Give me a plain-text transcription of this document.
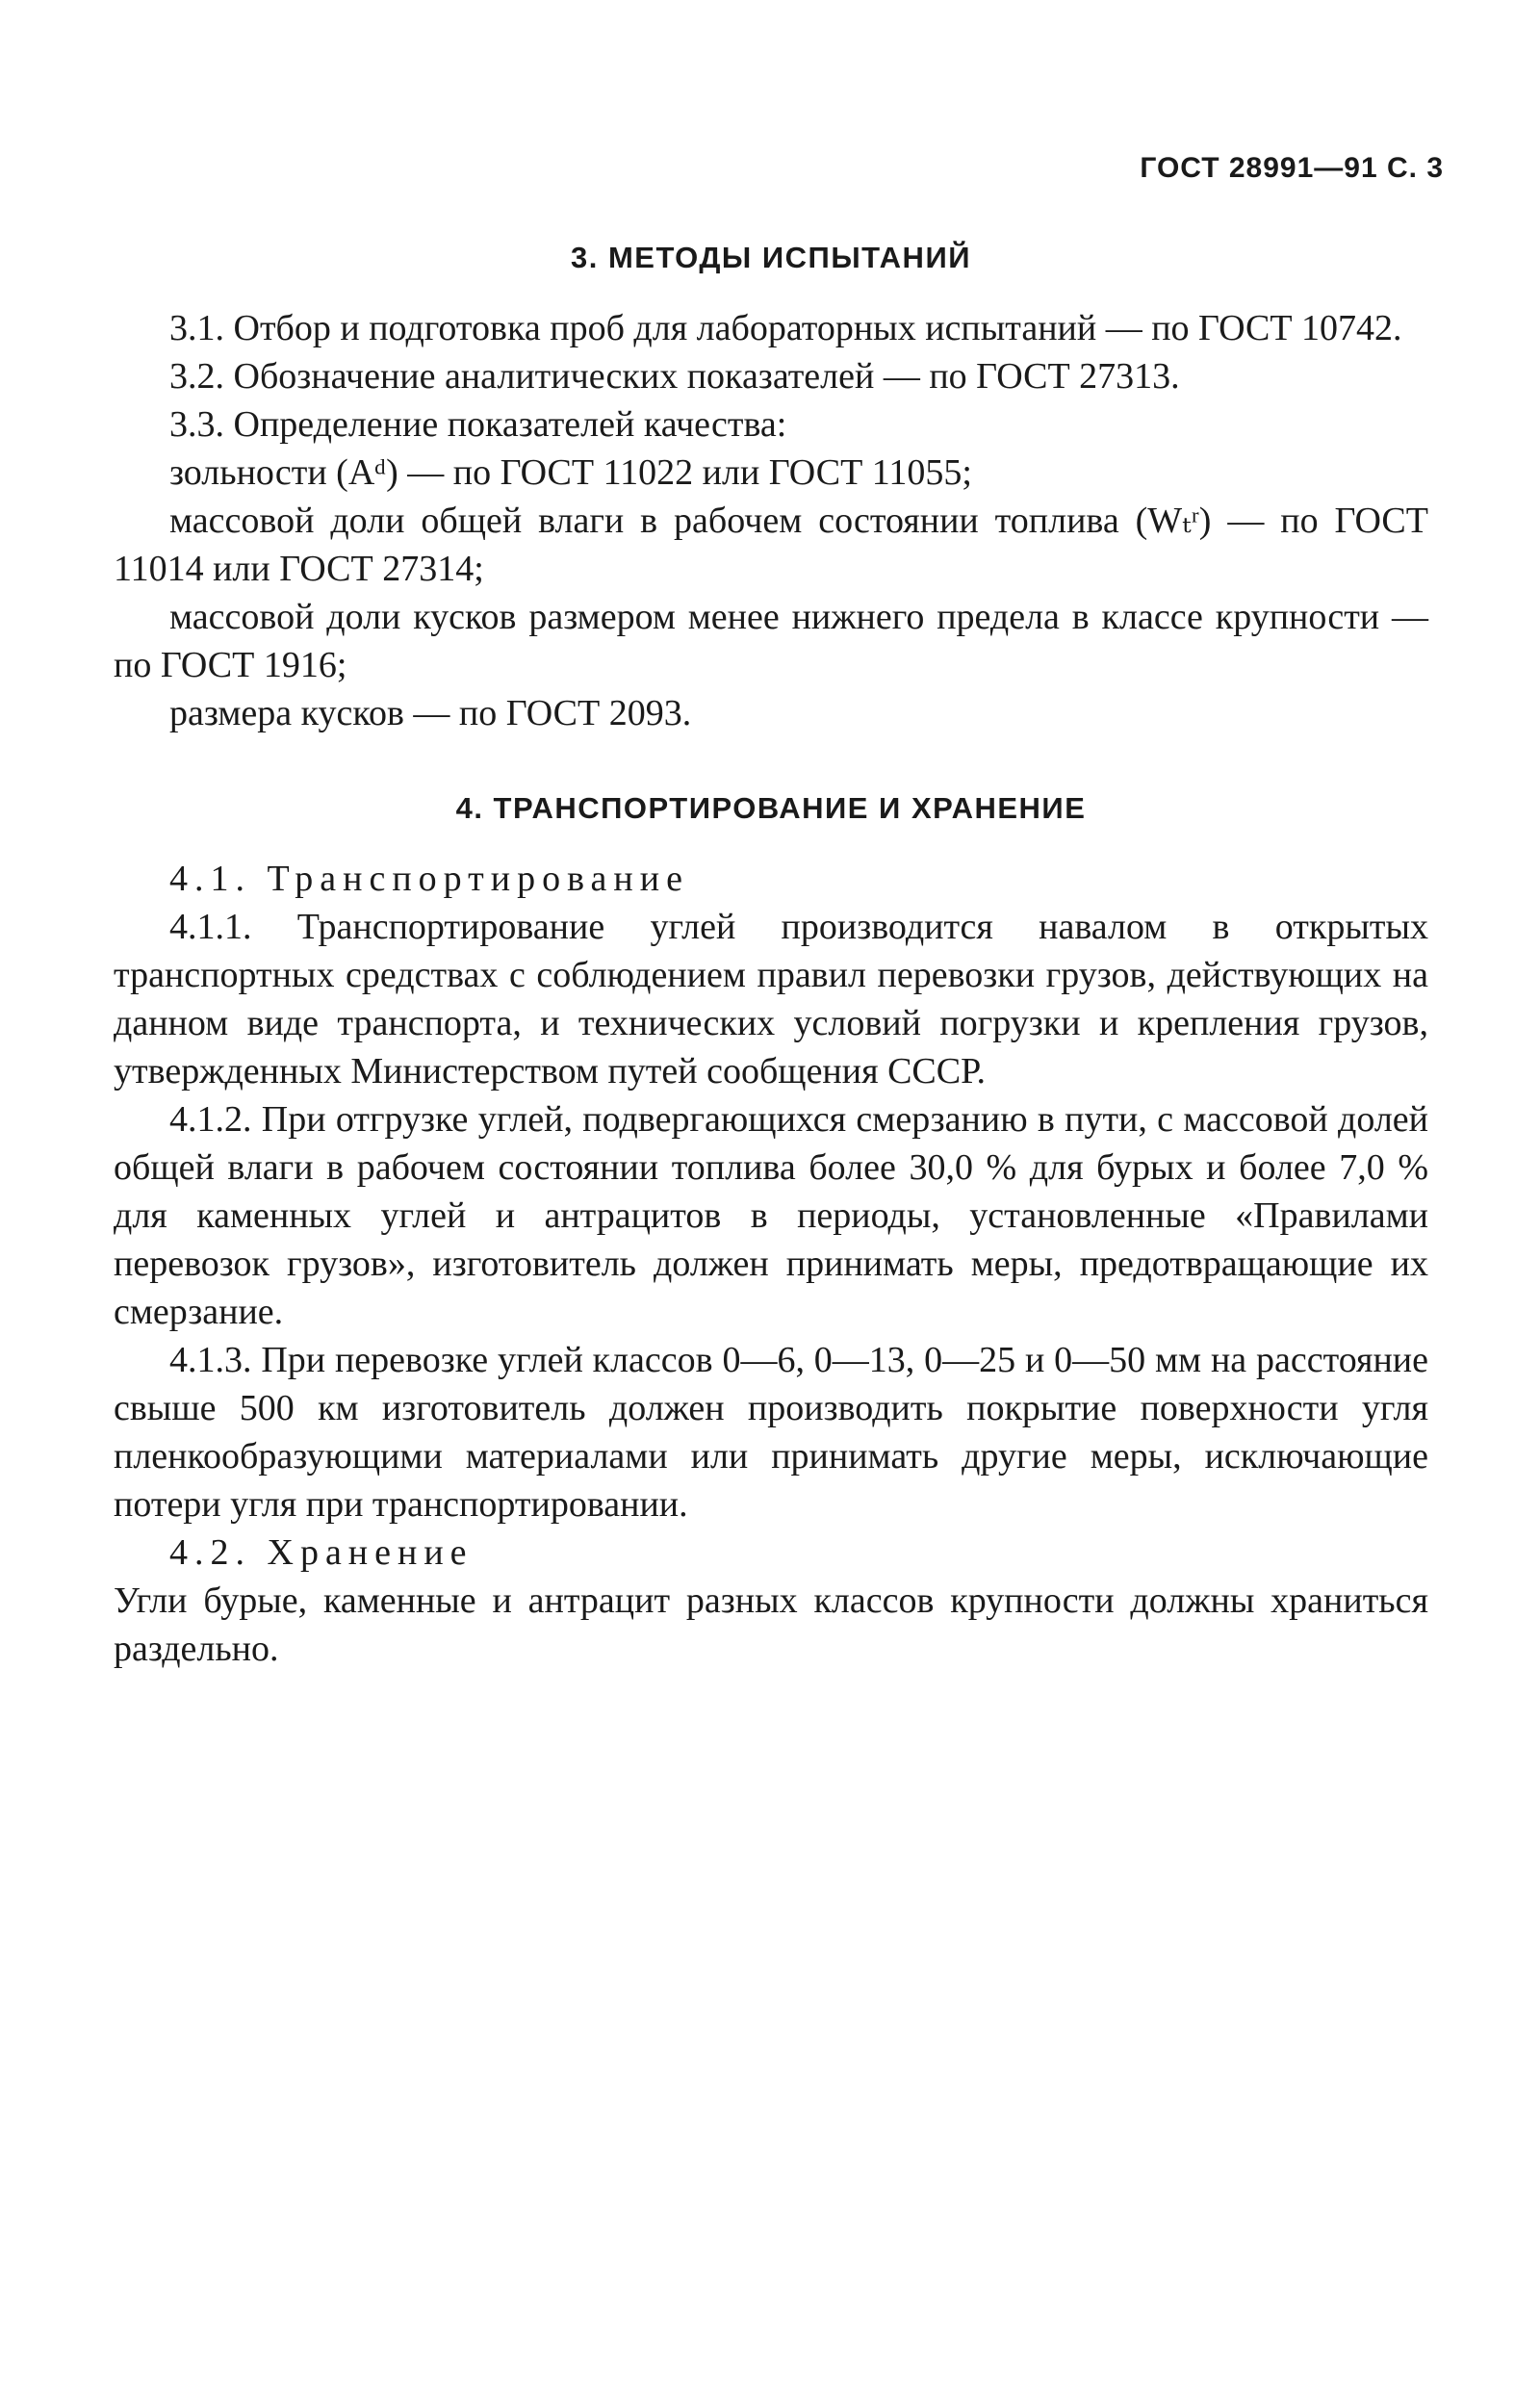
ГОСТ 28991—91 С. 3
3. МЕТОДЫ ИСПЫТАНИЙ

3.1. Отбор и подготовка проб для лабораторных испытаний — по ГОСТ 10742.

3.2. Обозначение аналитических показателей — по ГОСТ 27313.

3.3. Определение показателей качества:

зольности (Aᵈ) — по ГОСТ 11022 или ГОСТ 11055;

массовой доли общей влаги в рабочем состоянии топлива (Wₜʳ) — по ГОСТ 11014 или ГОСТ 27314;

массовой доли кусков размером менее нижнего предела в классе крупности — по ГОСТ 1916;

размера кусков — по ГОСТ 2093.

4. ТРАНСПОРТИРОВАНИЕ И ХРАНЕНИЕ

4.1. Транспортирование

4.1.1. Транспортирование углей производится навалом в открытых транспортных средствах с соблюдением правил перевозки грузов, действующих на данном виде транспорта, и технических условий погрузки и крепления грузов, утвержденных Министерством путей сообщения СССР.

4.1.2. При отгрузке углей, подвергающихся смерзанию в пути, с массовой долей общей влаги в рабочем состоянии топлива более 30,0 % для бурых и более 7,0 % для каменных углей и антрацитов в периоды, установленные «Правилами перевозок грузов», изготовитель должен принимать меры, предотвращающие их смерзание.

4.1.3. При перевозке углей классов 0—6, 0—13, 0—25 и 0—50 мм на расстояние свыше 500 км изготовитель должен производить покрытие поверхности угля пленкообразующими материалами или принимать другие меры, исключающие потери угля при транспортировании.

4.2. Хранение

Угли бурые, каменные и антрацит разных классов крупности должны храниться раздельно.
